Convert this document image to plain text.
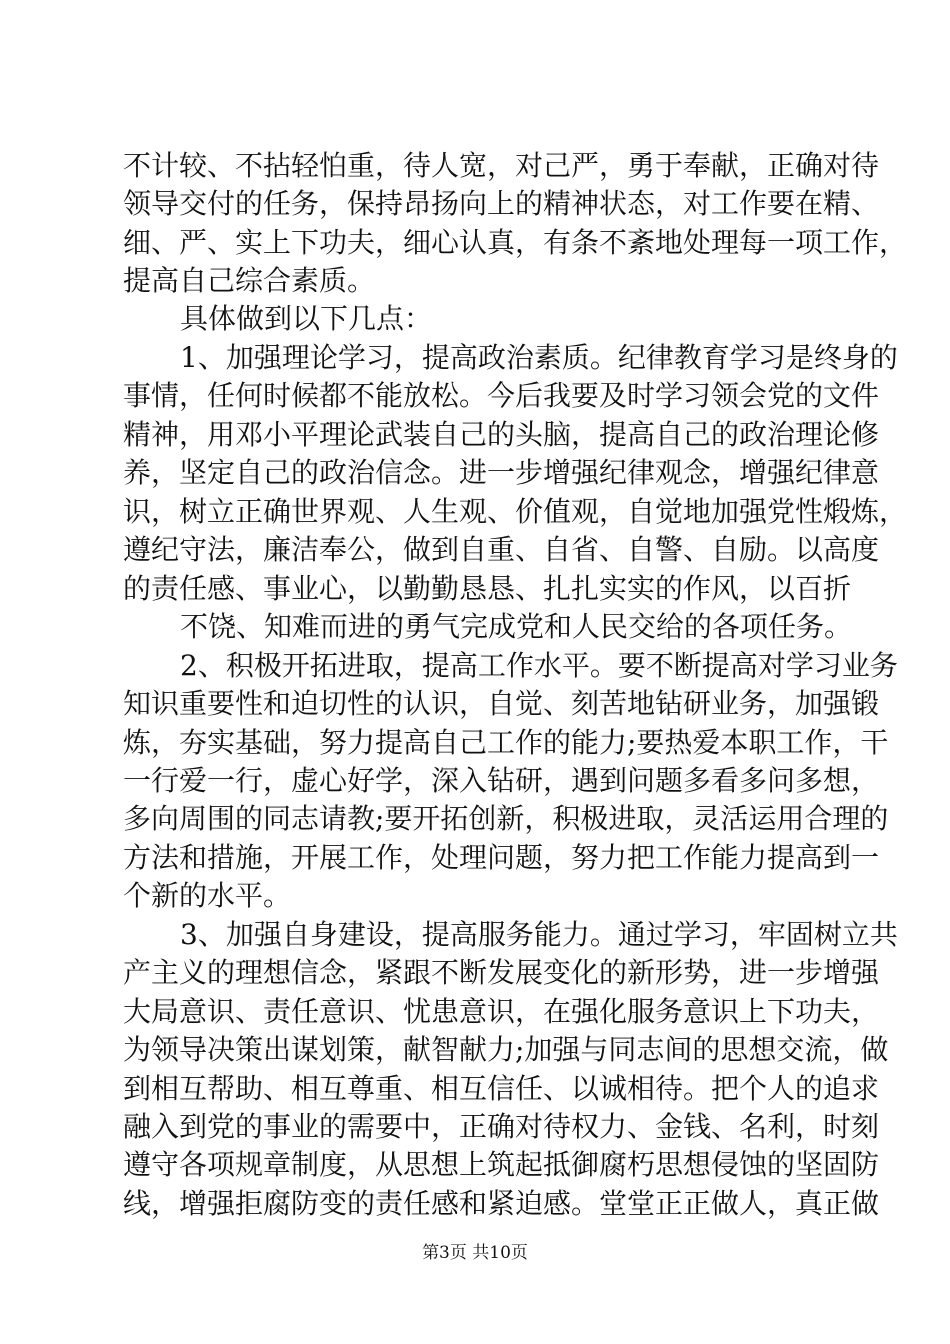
不计较、不拈轻怕重，待人宽，对己严，勇于奉献，正确对待
领导交付的任务，保持昂扬向上的精神状态，对工作要在精、
细、严、实上下功夫，细心认真，有条不紊地处理每一项工作，
提高自己综合素质。
具体做到以下几点：
1、加强理论学习，提高政治素质。纪律教育学习是终身的
事情，任何时候都不能放松。今后我要及时学习领会党的文件
精神，用邓小平理论武装自己的头脑，提高自己的政治理论修
养，坚定自己的政治信念。进一步增强纪律观念，增强纪律意
识，树立正确世界观、人生观、价值观，自觉地加强党性煅炼，
遵纪守法，廉洁奉公，做到自重、自省、自警、自励。以高度
的责任感、事业心，以勤勤恳恳、扎扎实实的作风，以百折
不饶、知难而进的勇气完成党和人民交给的各项任务。
2、积极开拓进取，提高工作水平。要不断提高对学习业务
知识重要性和迫切性的认识，自觉、刻苦地钻研业务，加强锻
炼，夯实基础，努力提高自己工作的能力;要热爱本职工作，干
一行爱一行，虚心好学，深入钻研，遇到问题多看多问多想，
多向周围的同志请教;要开拓创新，积极进取，灵活运用合理的
方法和措施，开展工作，处理问题，努力把工作能力提高到一
个新的水平。
3、加强自身建设，提高服务能力。通过学习，牢固树立共
产主义的理想信念，紧跟不断发展变化的新形势，进一步增强
大局意识、责任意识、忧患意识，在强化服务意识上下功夫，
为领导决策出谋划策，献智献力;加强与同志间的思想交流，做
到相互帮助、相互尊重、相互信任、以诚相待。把个人的追求
融入到党的事业的需要中，正确对待权力、金钱、名利，时刻
遵守各项规章制度，从思想上筑起抵御腐朽思想侵蚀的坚固防
线，增强拒腐防变的责任感和紧迫感。堂堂正正做人，真正做
第3页 共10页
